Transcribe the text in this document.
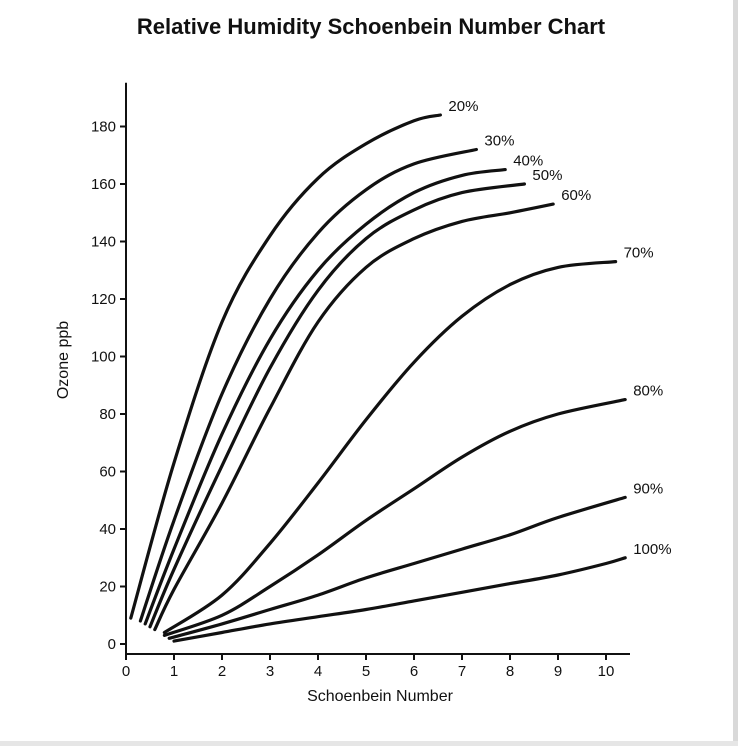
Relative Humidity Schoenbein Number Chart
0	1	2	3	4	5	6	7	8	9 10
0
20
40
60
80
100
120
140
160
180
20%
30%
40%
50%
60%
70%
80%
90%
100%
Schoenbein Number
Ozone ppb
